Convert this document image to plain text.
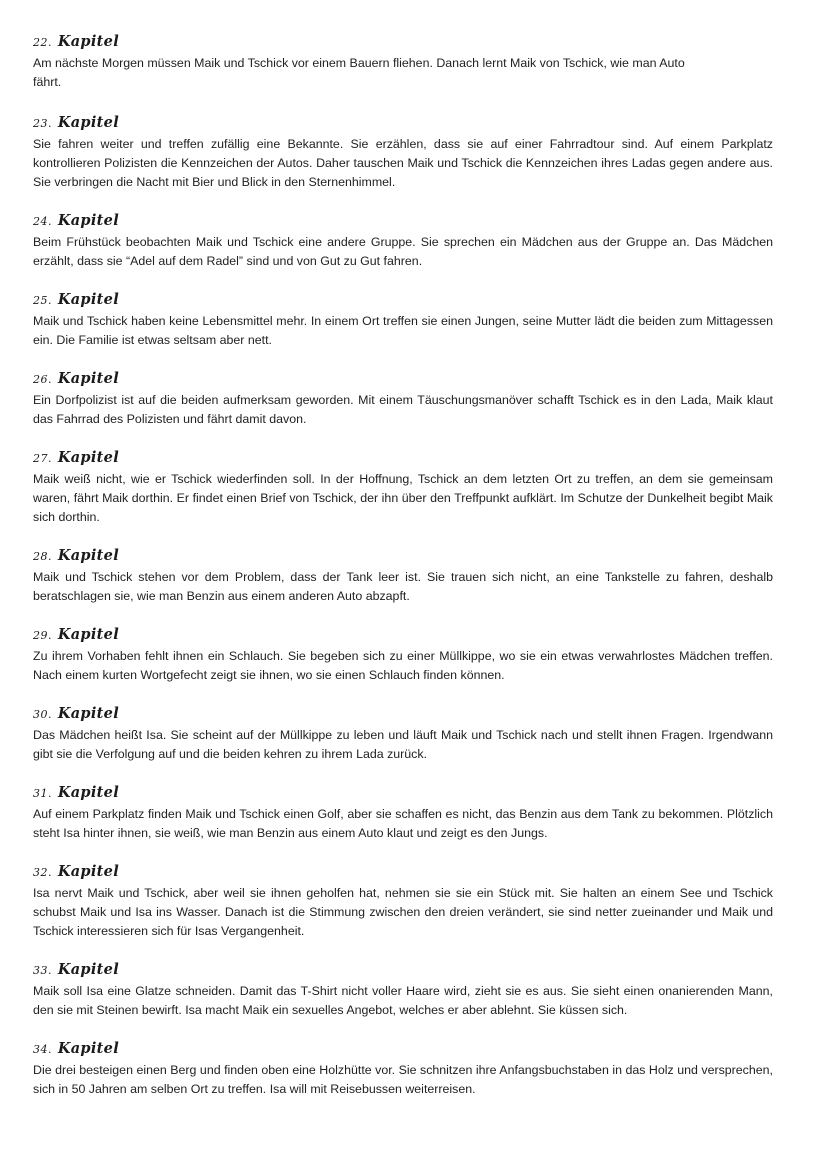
22. Kapitel

Am nächste Morgen müssen Maik und Tschick vor einem Bauern fliehen. Danach lernt Maik von Tschick, wie man Auto fährt.

23. Kapitel

Sie fahren weiter und treffen zufällig eine Bekannte. Sie erzählen, dass sie auf einer Fahrradtour sind. Auf einem Parkplatz kontrollieren Polizisten die Kennzeichen der Autos. Daher tauschen Maik und Tschick die Kennzeichen ihres Ladas gegen andere aus. Sie verbringen die Nacht mit Bier und Blick in den Sternenhimmel.

24. Kapitel

Beim Frühstück beobachten Maik und Tschick eine andere Gruppe. Sie sprechen ein Mädchen aus der Gruppe an. Das Mädchen erzählt, dass sie “Adel auf dem Radel” sind und von Gut zu Gut fahren.

25. Kapitel

Maik und Tschick haben keine Lebensmittel mehr. In einem Ort treffen sie einen Jungen, seine Mutter lädt die beiden zum Mittagessen ein. Die Familie ist etwas seltsam aber nett.

26. Kapitel

Ein Dorfpolizist ist auf die beiden aufmerksam geworden. Mit einem Täuschungsmanöver schafft Tschick es in den Lada, Maik klaut das Fahrrad des Polizisten und fährt damit davon.

27. Kapitel

Maik weiß nicht, wie er Tschick wiederfinden soll. In der Hoffnung, Tschick an dem letzten Ort zu treffen, an dem sie gemeinsam waren, fährt Maik dorthin. Er findet einen Brief von Tschick, der ihn über den Treffpunkt aufklärt. Im Schutze der Dunkelheit begibt Maik sich dorthin.

28. Kapitel

Maik und Tschick stehen vor dem Problem, dass der Tank leer ist. Sie trauen sich nicht, an eine Tankstelle zu fahren, deshalb beratschlagen sie, wie man Benzin aus einem anderen Auto abzapft.

29. Kapitel

Zu ihrem Vorhaben fehlt ihnen ein Schlauch. Sie begeben sich zu einer Müllkippe, wo sie ein etwas verwahrlostes Mädchen treffen. Nach einem kurten Wortgefecht zeigt sie ihnen, wo sie einen Schlauch finden können.

30. Kapitel

Das Mädchen heißt Isa. Sie scheint auf der Müllkippe zu leben und läuft Maik und Tschick nach und stellt ihnen Fragen. Irgendwann gibt sie die Verfolgung auf und die beiden kehren zu ihrem Lada zurück.

31. Kapitel

Auf einem Parkplatz finden Maik und Tschick einen Golf, aber sie schaffen es nicht, das Benzin aus dem Tank zu bekommen. Plötzlich steht Isa hinter ihnen, sie weiß, wie man Benzin aus einem Auto klaut und zeigt es den Jungs.

32. Kapitel

Isa nervt Maik und Tschick, aber weil sie ihnen geholfen hat, nehmen sie sie ein Stück mit. Sie halten an einem See und Tschick schubst Maik und Isa ins Wasser. Danach ist die Stimmung zwischen den dreien verändert, sie sind netter zueinander und Maik und Tschick interessieren sich für Isas Vergangenheit.

33. Kapitel

Maik soll Isa eine Glatze schneiden. Damit das T-Shirt nicht voller Haare wird, zieht sie es aus. Sie sieht einen onanierenden Mann, den sie mit Steinen bewirft. Isa macht Maik ein sexuelles Angebot, welches er aber ablehnt. Sie küssen sich.

34. Kapitel

Die drei besteigen einen Berg und finden oben eine Holzhütte vor. Sie schnitzen ihre Anfangsbuchstaben in das Holz und versprechen, sich in 50 Jahren am selben Ort zu treffen. Isa will mit Reisebussen weiterreisen.
